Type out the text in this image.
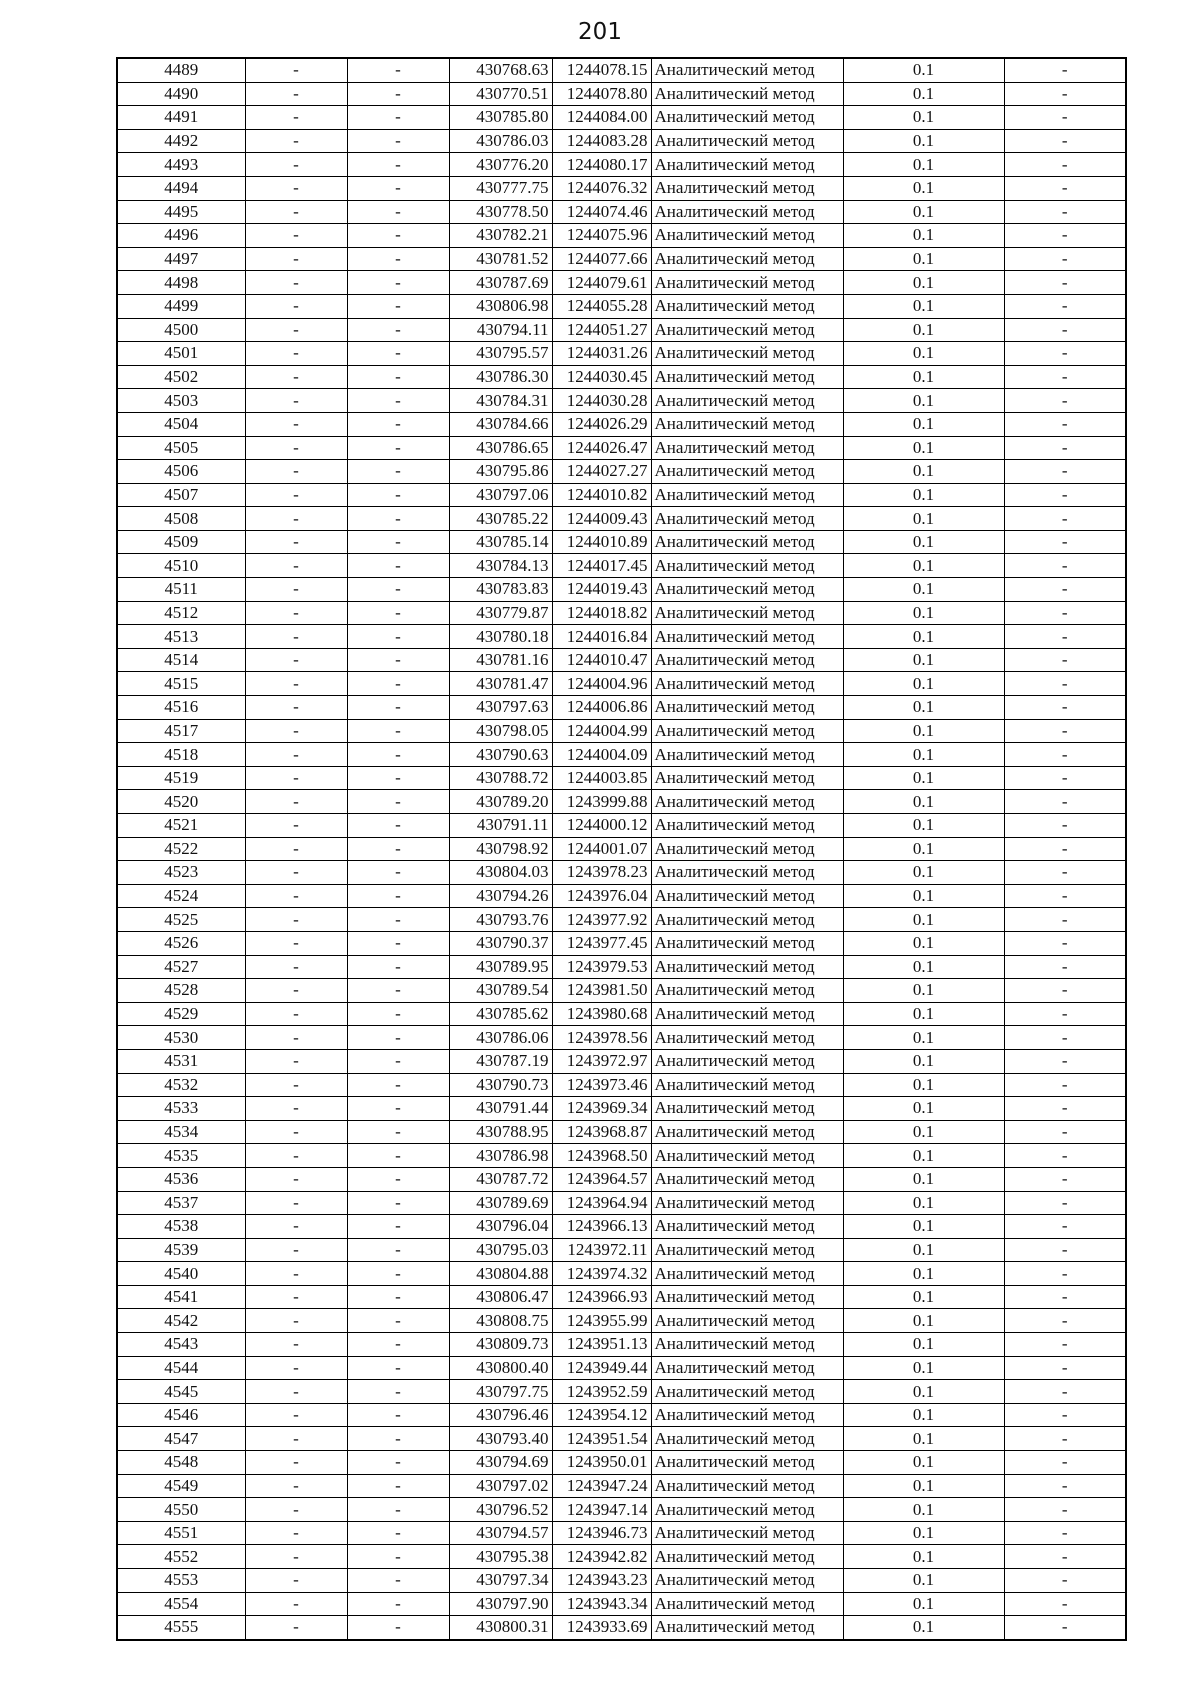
201
4489	-	-	430768.63	1244078.15	Аналитический метод	0.1	-
4490	-	-	430770.51	1244078.80	Аналитический метод	0.1	-
4491	-	-	430785.80	1244084.00	Аналитический метод	0.1	-
4492	-	-	430786.03	1244083.28	Аналитический метод	0.1	-
4493	-	-	430776.20	1244080.17	Аналитический метод	0.1	-
4494	-	-	430777.75	1244076.32	Аналитический метод	0.1	-
4495	-	-	430778.50	1244074.46	Аналитический метод	0.1	-
4496	-	-	430782.21	1244075.96	Аналитический метод	0.1	-
4497	-	-	430781.52	1244077.66	Аналитический метод	0.1	-
4498	-	-	430787.69	1244079.61	Аналитический метод	0.1	-
4499	-	-	430806.98	1244055.28	Аналитический метод	0.1	-
4500	-	-	430794.11	1244051.27	Аналитический метод	0.1	-
4501	-	-	430795.57	1244031.26	Аналитический метод	0.1	-
4502	-	-	430786.30	1244030.45	Аналитический метод	0.1	-
4503	-	-	430784.31	1244030.28	Аналитический метод	0.1	-
4504	-	-	430784.66	1244026.29	Аналитический метод	0.1	-
4505	-	-	430786.65	1244026.47	Аналитический метод	0.1	-
4506	-	-	430795.86	1244027.27	Аналитический метод	0.1	-
4507	-	-	430797.06	1244010.82	Аналитический метод	0.1	-
4508	-	-	430785.22	1244009.43	Аналитический метод	0.1	-
4509	-	-	430785.14	1244010.89	Аналитический метод	0.1	-
4510	-	-	430784.13	1244017.45	Аналитический метод	0.1	-
4511	-	-	430783.83	1244019.43	Аналитический метод	0.1	-
4512	-	-	430779.87	1244018.82	Аналитический метод	0.1	-
4513	-	-	430780.18	1244016.84	Аналитический метод	0.1	-
4514	-	-	430781.16	1244010.47	Аналитический метод	0.1	-
4515	-	-	430781.47	1244004.96	Аналитический метод	0.1	-
4516	-	-	430797.63	1244006.86	Аналитический метод	0.1	-
4517	-	-	430798.05	1244004.99	Аналитический метод	0.1	-
4518	-	-	430790.63	1244004.09	Аналитический метод	0.1	-
4519	-	-	430788.72	1244003.85	Аналитический метод	0.1	-
4520	-	-	430789.20	1243999.88	Аналитический метод	0.1	-
4521	-	-	430791.11	1244000.12	Аналитический метод	0.1	-
4522	-	-	430798.92	1244001.07	Аналитический метод	0.1	-
4523	-	-	430804.03	1243978.23	Аналитический метод	0.1	-
4524	-	-	430794.26	1243976.04	Аналитический метод	0.1	-
4525	-	-	430793.76	1243977.92	Аналитический метод	0.1	-
4526	-	-	430790.37	1243977.45	Аналитический метод	0.1	-
4527	-	-	430789.95	1243979.53	Аналитический метод	0.1	-
4528	-	-	430789.54	1243981.50	Аналитический метод	0.1	-
4529	-	-	430785.62	1243980.68	Аналитический метод	0.1	-
4530	-	-	430786.06	1243978.56	Аналитический метод	0.1	-
4531	-	-	430787.19	1243972.97	Аналитический метод	0.1	-
4532	-	-	430790.73	1243973.46	Аналитический метод	0.1	-
4533	-	-	430791.44	1243969.34	Аналитический метод	0.1	-
4534	-	-	430788.95	1243968.87	Аналитический метод	0.1	-
4535	-	-	430786.98	1243968.50	Аналитический метод	0.1	-
4536	-	-	430787.72	1243964.57	Аналитический метод	0.1	-
4537	-	-	430789.69	1243964.94	Аналитический метод	0.1	-
4538	-	-	430796.04	1243966.13	Аналитический метод	0.1	-
4539	-	-	430795.03	1243972.11	Аналитический метод	0.1	-
4540	-	-	430804.88	1243974.32	Аналитический метод	0.1	-
4541	-	-	430806.47	1243966.93	Аналитический метод	0.1	-
4542	-	-	430808.75	1243955.99	Аналитический метод	0.1	-
4543	-	-	430809.73	1243951.13	Аналитический метод	0.1	-
4544	-	-	430800.40	1243949.44	Аналитический метод	0.1	-
4545	-	-	430797.75	1243952.59	Аналитический метод	0.1	-
4546	-	-	430796.46	1243954.12	Аналитический метод	0.1	-
4547	-	-	430793.40	1243951.54	Аналитический метод	0.1	-
4548	-	-	430794.69	1243950.01	Аналитический метод	0.1	-
4549	-	-	430797.02	1243947.24	Аналитический метод	0.1	-
4550	-	-	430796.52	1243947.14	Аналитический метод	0.1	-
4551	-	-	430794.57	1243946.73	Аналитический метод	0.1	-
4552	-	-	430795.38	1243942.82	Аналитический метод	0.1	-
4553	-	-	430797.34	1243943.23	Аналитический метод	0.1	-
4554	-	-	430797.90	1243943.34	Аналитический метод	0.1	-
4555	-	-	430800.31	1243933.69	Аналитический метод	0.1	-
